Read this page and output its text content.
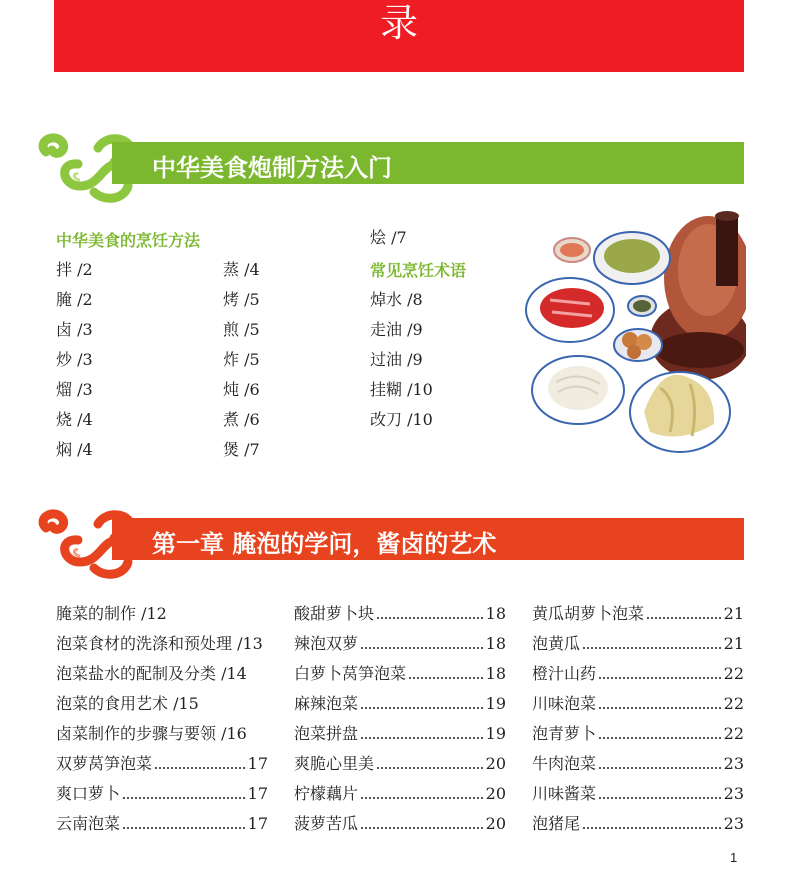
录
中华美食炮制方法入门
中华美食的烹饪方法
拌 /2
腌 /2
卤 /3
炒 /3
熘 /3
烧 /4
焖 /4
蒸 /4
烤 /5
煎 /5
炸 /5
炖 /6
煮 /6
煲 /7
烩 /7
常见烹饪术语
焯水 /8
走油 /9
过油 /9
挂糊 /10
改刀 /10
第一章 腌泡的学问，酱卤的艺术
腌菜的制作 /12
泡菜食材的洗涤和预处理 /13
泡菜盐水的配制及分类 /14
泡菜的食用艺术 /15
卤菜制作的步骤与要领 /16
双萝莴笋泡菜	17
爽口萝卜	17
云南泡菜	17
酸甜萝卜块	18
辣泡双萝	18
白萝卜莴笋泡菜	18
麻辣泡菜	19
泡菜拼盘	19
爽脆心里美	20
柠檬藕片	20
菠萝苦瓜	20
黄瓜胡萝卜泡菜	21
泡黄瓜	21
橙汁山药	22
川味泡菜	22
泡青萝卜	22
牛肉泡菜	23
川味酱菜	23
泡猪尾	23
1
